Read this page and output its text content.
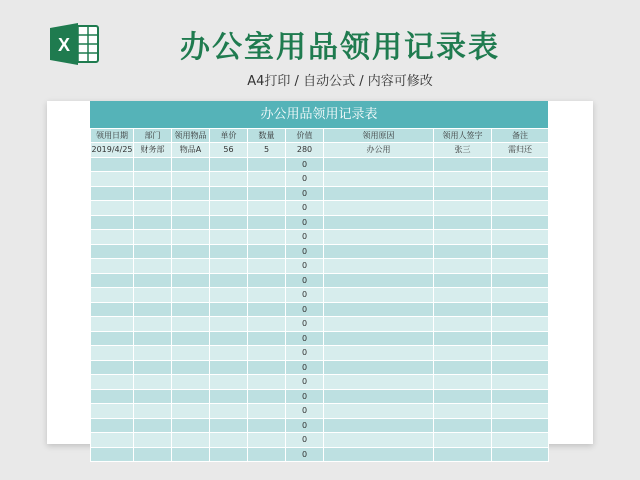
X	办公室用品领用记录表
A4打印 / 自动公式 / 内容可修改
办公用品领用记录表
领用日期	部门	领用物品	单价	数量	价值	领用原因	领用人签字	备注
2019/4/25	财务部	物品A	56	5	280	办公用	张三	需归还
					0			
					0			
					0			
					0			
					0			
					0			
					0			
					0			
					0			
					0			
					0			
					0			
					0			
					0			
					0			
					0			
					0			
					0			
					0			
					0			
					0			
